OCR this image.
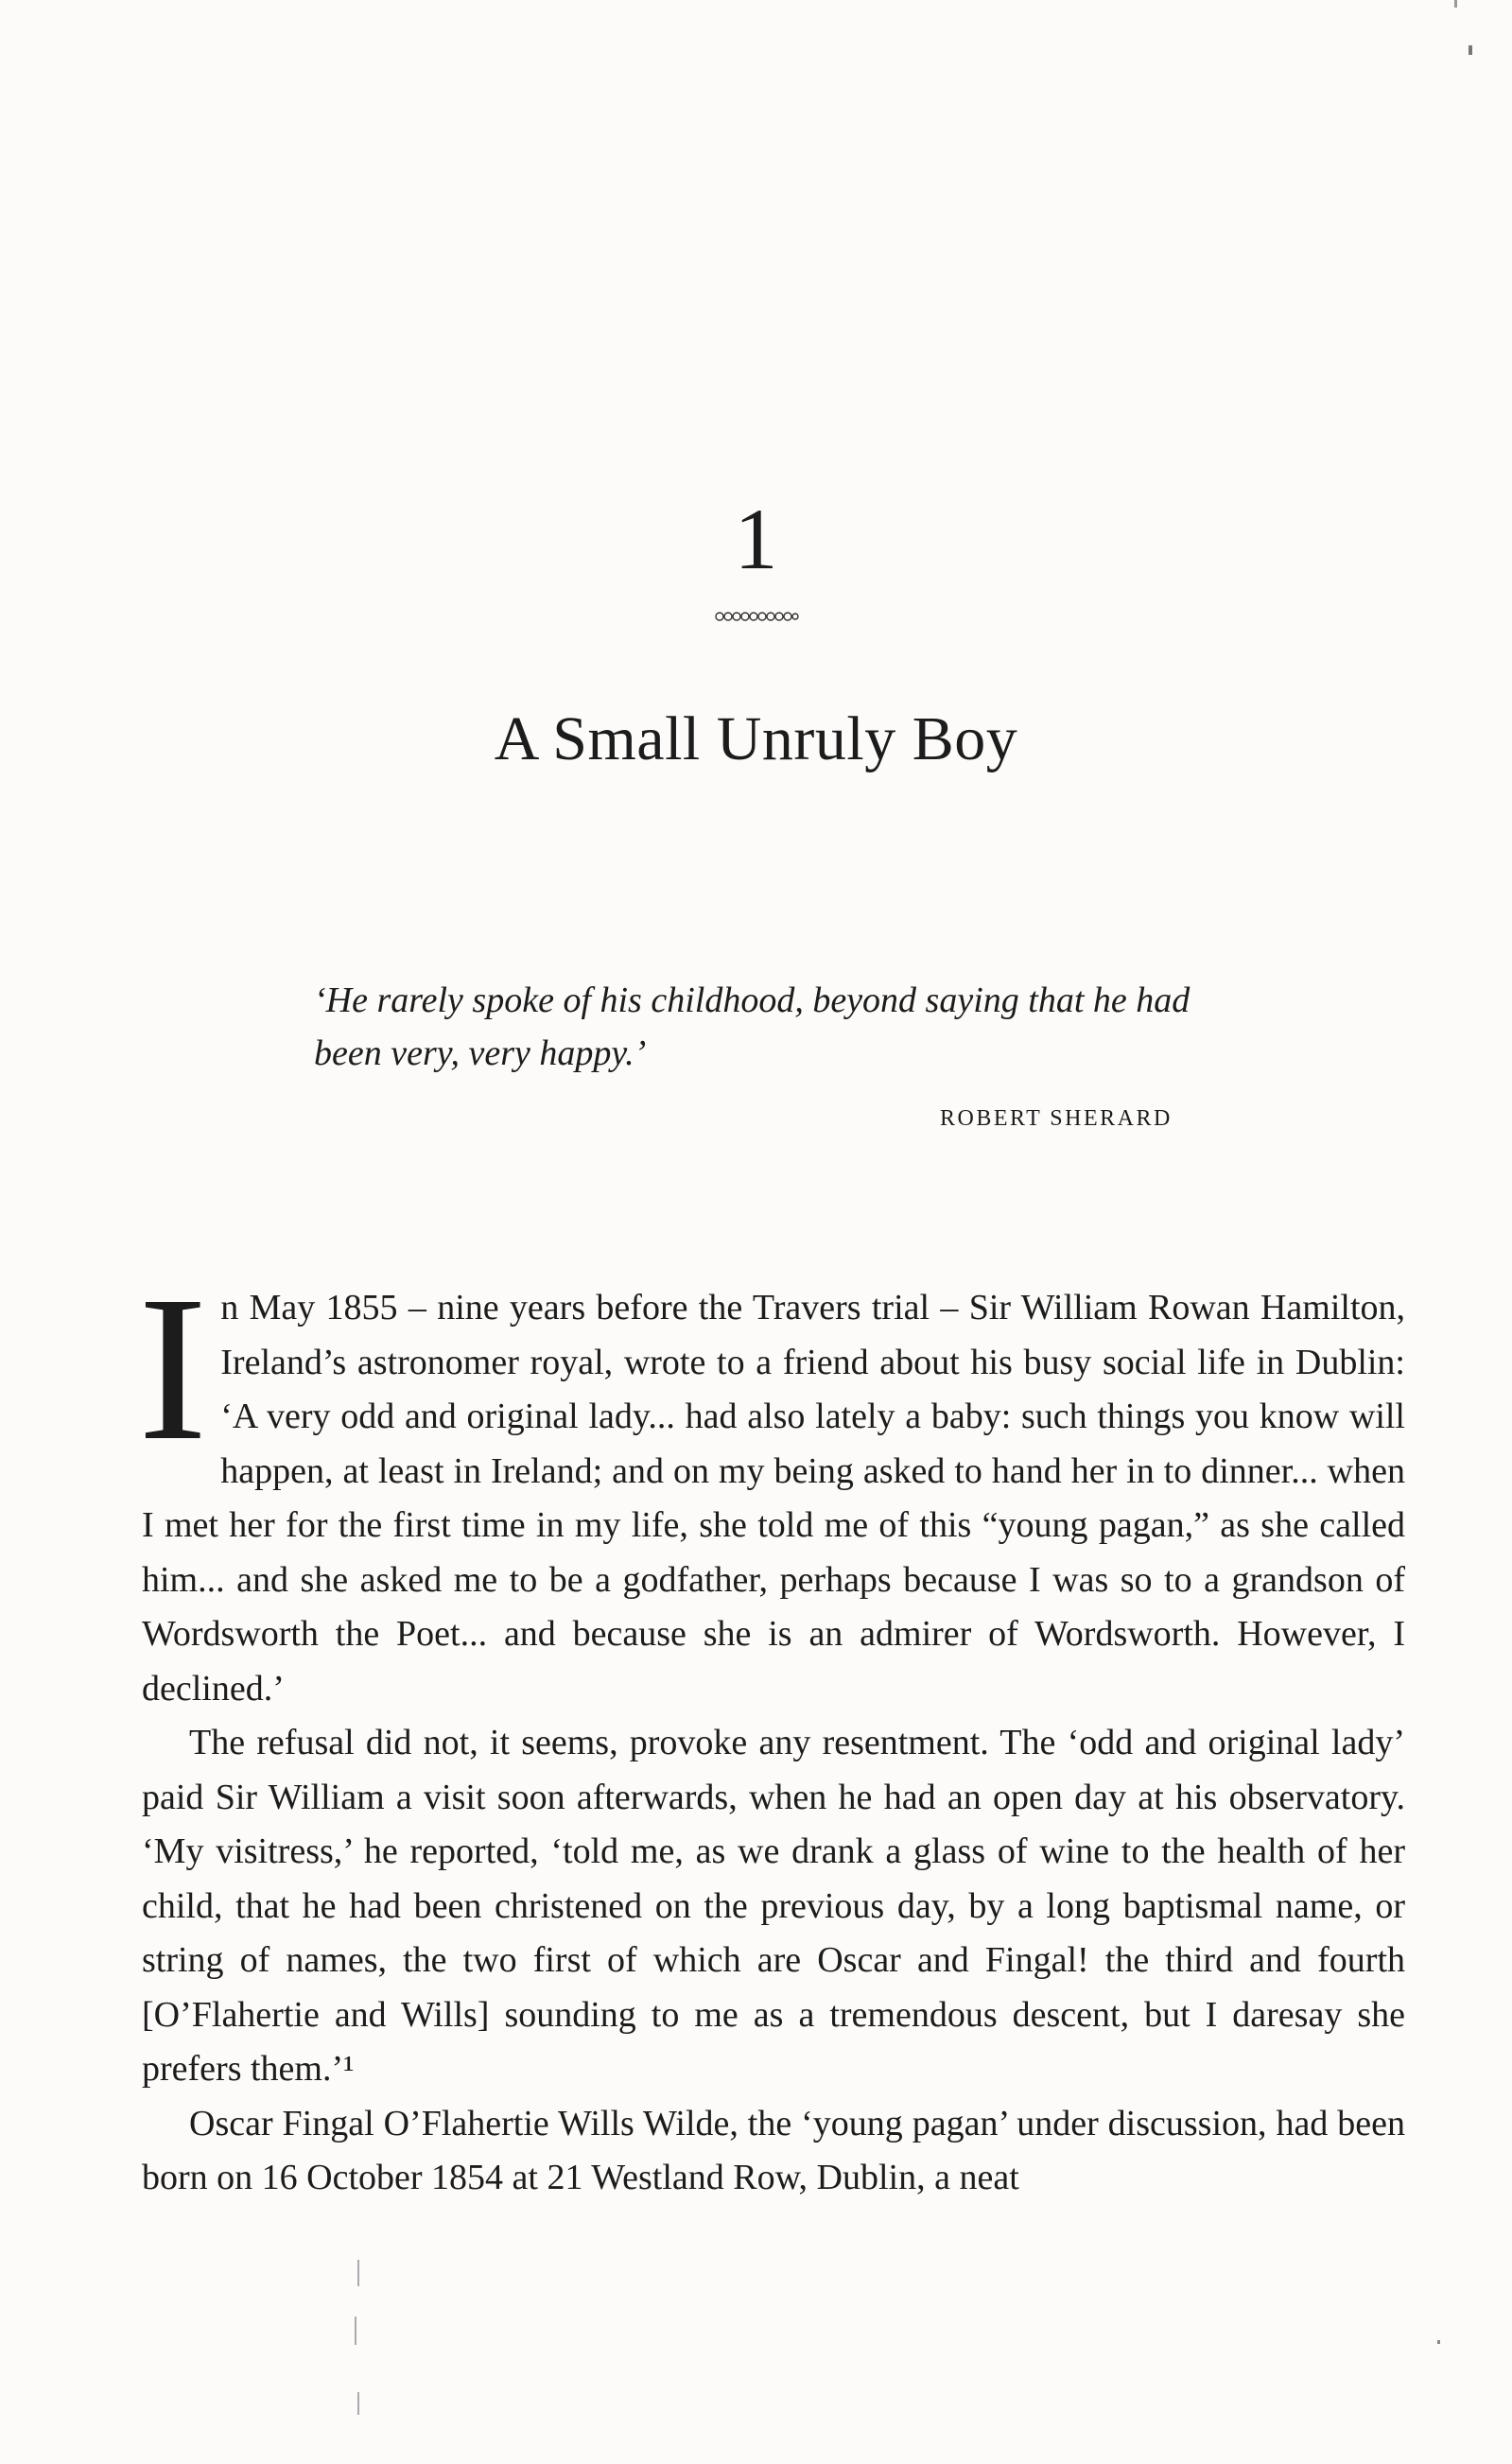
1
A Small Unruly Boy

‘He rarely spoke of his childhood, beyond saying that he had been very, very happy.’

ROBERT SHERARD

In May 1855 – nine years before the Travers trial – Sir William Rowan Hamilton, Ireland’s astronomer royal, wrote to a friend about his busy social life in Dublin: ‘A very odd and original lady... had also lately a baby: such things you know will happen, at least in Ireland; and on my being asked to hand her in to dinner... when I met her for the first time in my life, she told me of this “young pagan,” as she called him... and she asked me to be a godfather, perhaps because I was so to a grandson of Wordsworth the Poet... and because she is an admirer of Wordsworth. However, I declined.’

The refusal did not, it seems, provoke any resentment. The ‘odd and original lady’ paid Sir William a visit soon afterwards, when he had an open day at his observatory. ‘My visitress,’ he reported, ‘told me, as we drank a glass of wine to the health of her child, that he had been christened on the previous day, by a long baptismal name, or string of names, the two first of which are Oscar and Fingal! the third and fourth [O’Flahertie and Wills] sounding to me as a tremendous descent, but I daresay she prefers them.’¹

Oscar Fingal O’Flahertie Wills Wilde, the ‘young pagan’ under discussion, had been born on 16 October 1854 at 21 Westland Row, Dublin, a neat
